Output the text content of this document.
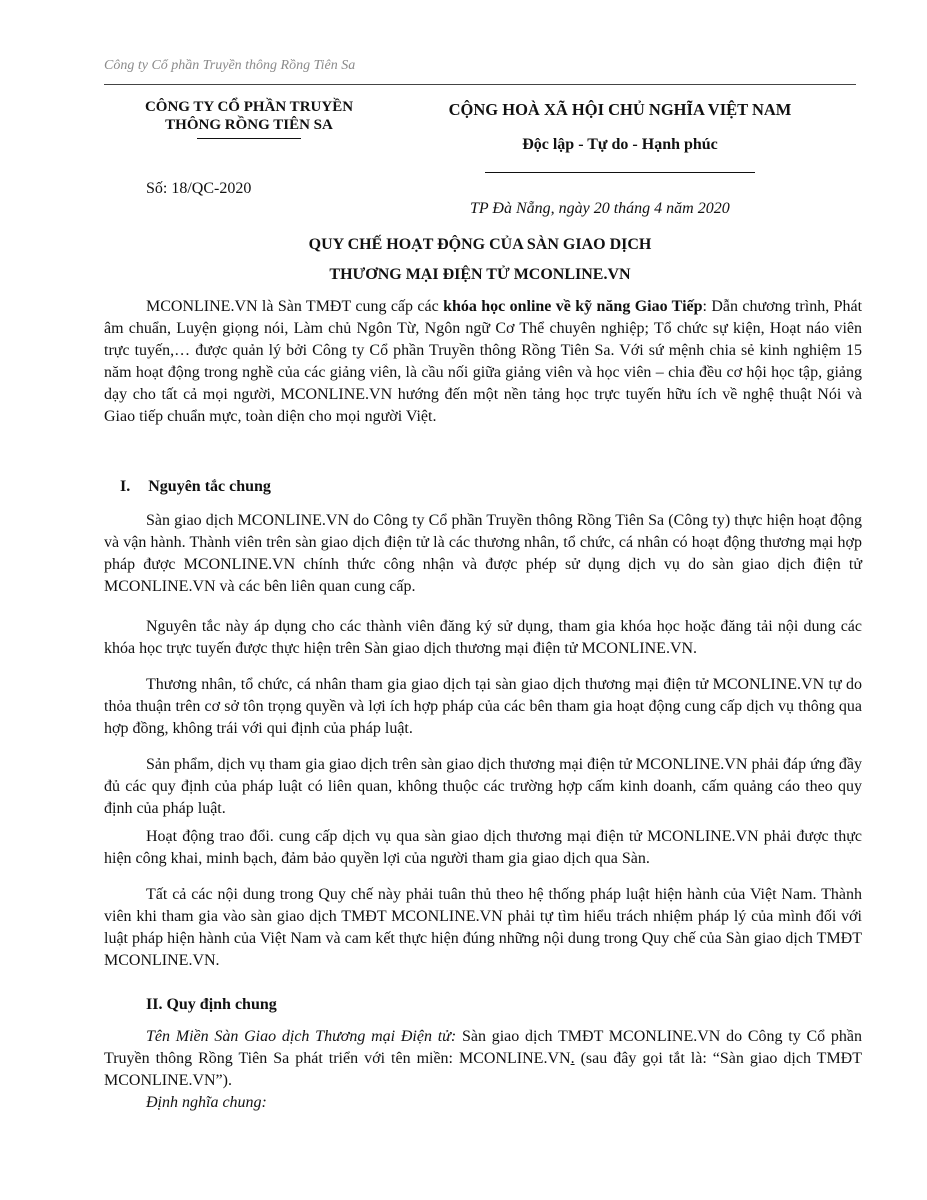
Công ty Cổ phần Truyền thông Rồng Tiên Sa
CÔNG TY CỔ PHẦN TRUYỀN THÔNG RỒNG TIÊN SA
CỘNG HOÀ XÃ HỘI CHỦ NGHĨA VIỆT NAM
Độc lập - Tự do - Hạnh phúc
Số: 18/QC-2020
TP Đà Nẵng, ngày 20 tháng 4 năm 2020
QUY CHẾ HOẠT ĐỘNG CỦA SÀN GIAO DỊCH
THƯƠNG MẠI ĐIỆN TỬ MCONLINE.VN

MCONLINE.VN là Sàn TMĐT cung cấp các khóa học online về kỹ năng Giao Tiếp: Dẫn chương trình, Phát âm chuẩn, Luyện giọng nói, Làm chủ Ngôn Từ, Ngôn ngữ Cơ Thể chuyên nghiệp; Tổ chức sự kiện, Hoạt náo viên trực tuyến,… được quản lý bởi Công ty Cổ phần Truyền thông Rồng Tiên Sa. Với sứ mệnh chia sẻ kinh nghiệm 15 năm hoạt động trong nghề của các giảng viên, là cầu nối giữa giảng viên và học viên – chia đều cơ hội học tập, giảng dạy cho tất cả mọi người, MCONLINE.VN hướng đến một nền tảng học trực tuyến hữu ích về nghệ thuật Nói và Giao tiếp chuẩn mực, toàn diện cho mọi người Việt.

I. Nguyên tắc chung

Sàn giao dịch MCONLINE.VN do Công ty Cổ phần Truyền thông Rồng Tiên Sa (Công ty) thực hiện hoạt động và vận hành. Thành viên trên sàn giao dịch điện tử là các thương nhân, tổ chức, cá nhân có hoạt động thương mại hợp pháp được MCONLINE.VN chính thức công nhận và được phép sử dụng dịch vụ do sàn giao dịch điện tử MCONLINE.VN và các bên liên quan cung cấp.

Nguyên tắc này áp dụng cho các thành viên đăng ký sử dụng, tham gia khóa học hoặc đăng tải nội dung các khóa học trực tuyến được thực hiện trên Sàn giao dịch thương mại điện tử MCONLINE.VN.

Thương nhân, tổ chức, cá nhân tham gia giao dịch tại sàn giao dịch thương mại điện tử MCONLINE.VN tự do thỏa thuận trên cơ sở tôn trọng quyền và lợi ích hợp pháp của các bên tham gia hoạt động cung cấp dịch vụ thông qua hợp đồng, không trái với qui định của pháp luật.

Sản phẩm, dịch vụ tham gia giao dịch trên sàn giao dịch thương mại điện tử MCONLINE.VN phải đáp ứng đầy đủ các quy định của pháp luật có liên quan, không thuộc các trường hợp cấm kinh doanh, cấm quảng cáo theo quy định của pháp luật.

Hoạt động trao đổi. cung cấp dịch vụ qua sàn giao dịch thương mại điện tử MCONLINE.VN phải được thực hiện công khai, minh bạch, đảm bảo quyền lợi của người tham gia giao dịch qua Sàn.

Tất cả các nội dung trong Quy chế này phải tuân thủ theo hệ thống pháp luật hiện hành của Việt Nam. Thành viên khi tham gia vào sàn giao dịch TMĐT MCONLINE.VN phải tự tìm hiểu trách nhiệm pháp lý của mình đối với luật pháp hiện hành của Việt Nam và cam kết thực hiện đúng những nội dung trong Quy chế của Sàn giao dịch TMĐT MCONLINE.VN.

II. Quy định chung

Tên Miền Sàn Giao dịch Thương mại Điện tử: Sàn giao dịch TMĐT MCONLINE.VN do Công ty Cổ phần Truyền thông Rồng Tiên Sa phát triển với tên miền: MCONLINE.VN. (sau đây gọi tắt là: “Sàn giao dịch TMĐT MCONLINE.VN”).

Định nghĩa chung:
